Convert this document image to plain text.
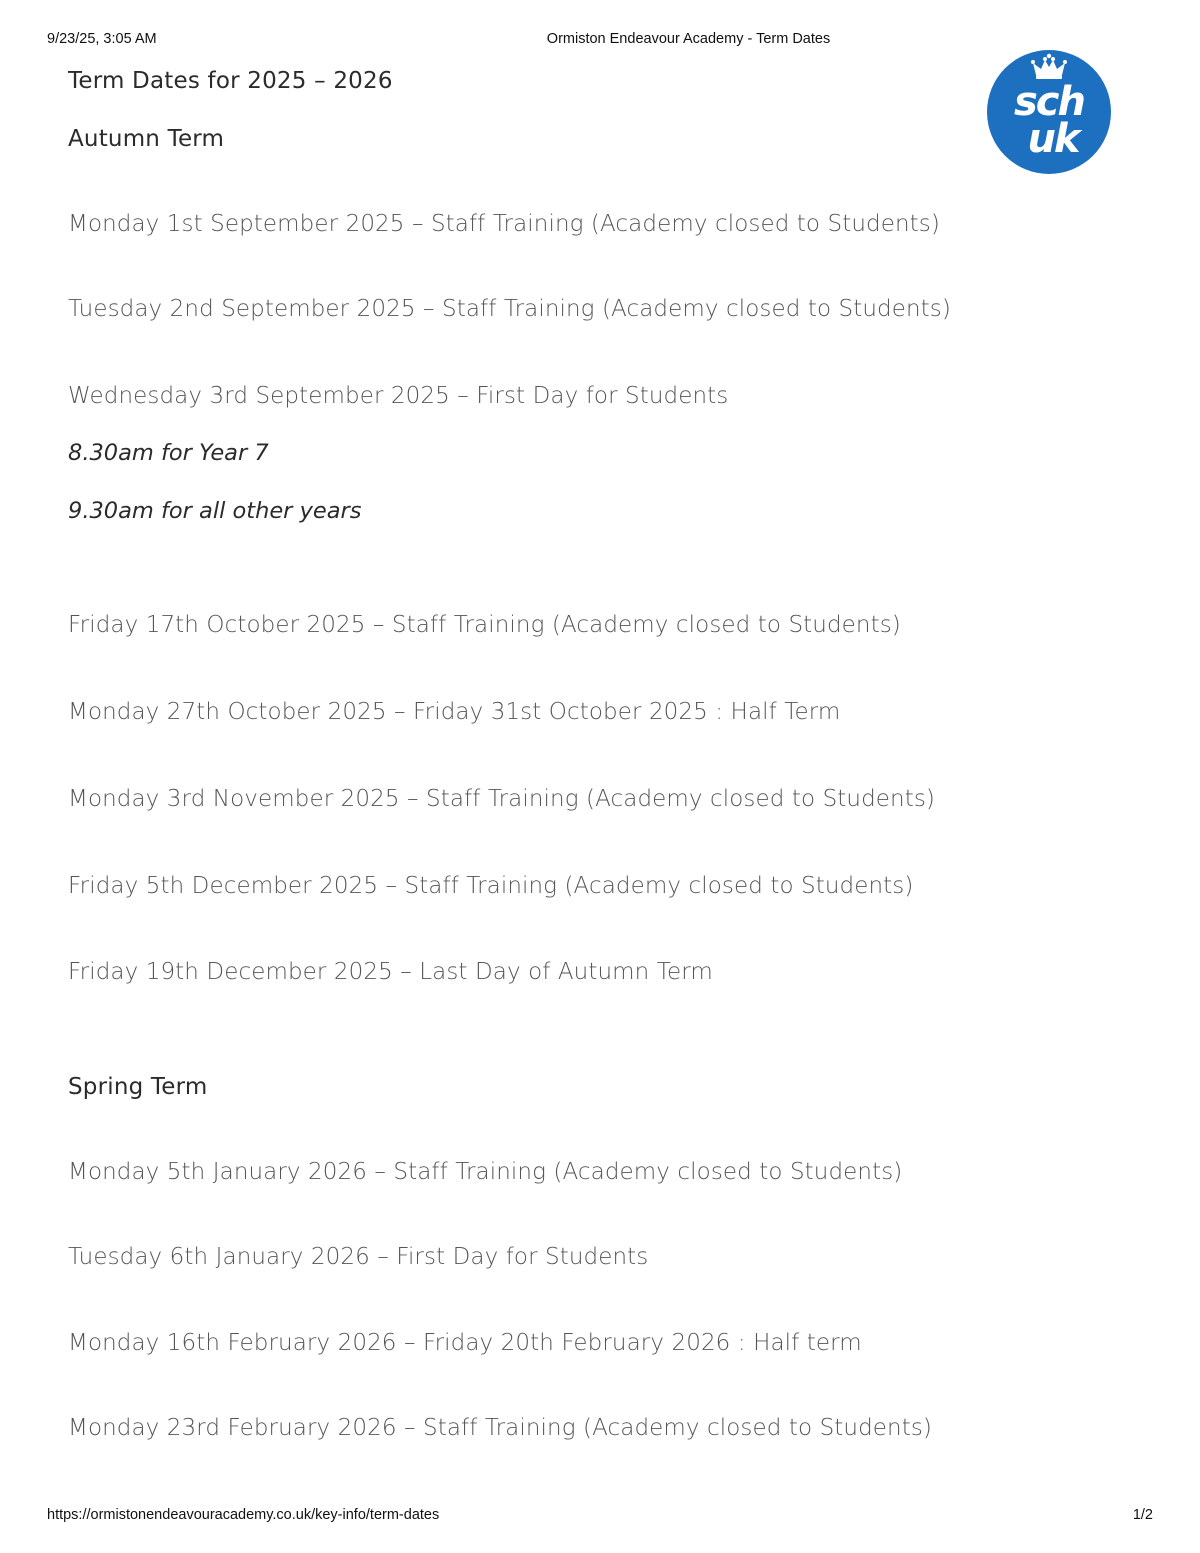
9/23/25, 3:05 AM	Ormiston Endeavour Academy - Term Dates
sch
uk
Term Dates for 2025 – 2026
Autumn Term
Monday 1st September 2025 – Staff Training (Academy closed to Students)
Tuesday 2nd September 2025 – Staff Training (Academy closed to Students)
Wednesday 3rd September 2025 – First Day for Students
8.30am for Year 7
9.30am for all other years
Friday 17th October 2025 – Staff Training (Academy closed to Students)
Monday 27th October 2025 – Friday 31st October 2025 : Half Term
Monday 3rd November 2025 – Staff Training (Academy closed to Students)
Friday 5th December 2025 – Staff Training (Academy closed to Students)
Friday 19th December 2025 – Last Day of Autumn Term
Spring Term
Monday 5th January 2026 – Staff Training (Academy closed to Students)
Tuesday 6th January 2026 – First Day for Students
Monday 16th February 2026 – Friday 20th February 2026 : Half term
Monday 23rd February 2026 – Staff Training (Academy closed to Students)
https://ormistonendeavouracademy.co.uk/key-info/term-dates	1/2
